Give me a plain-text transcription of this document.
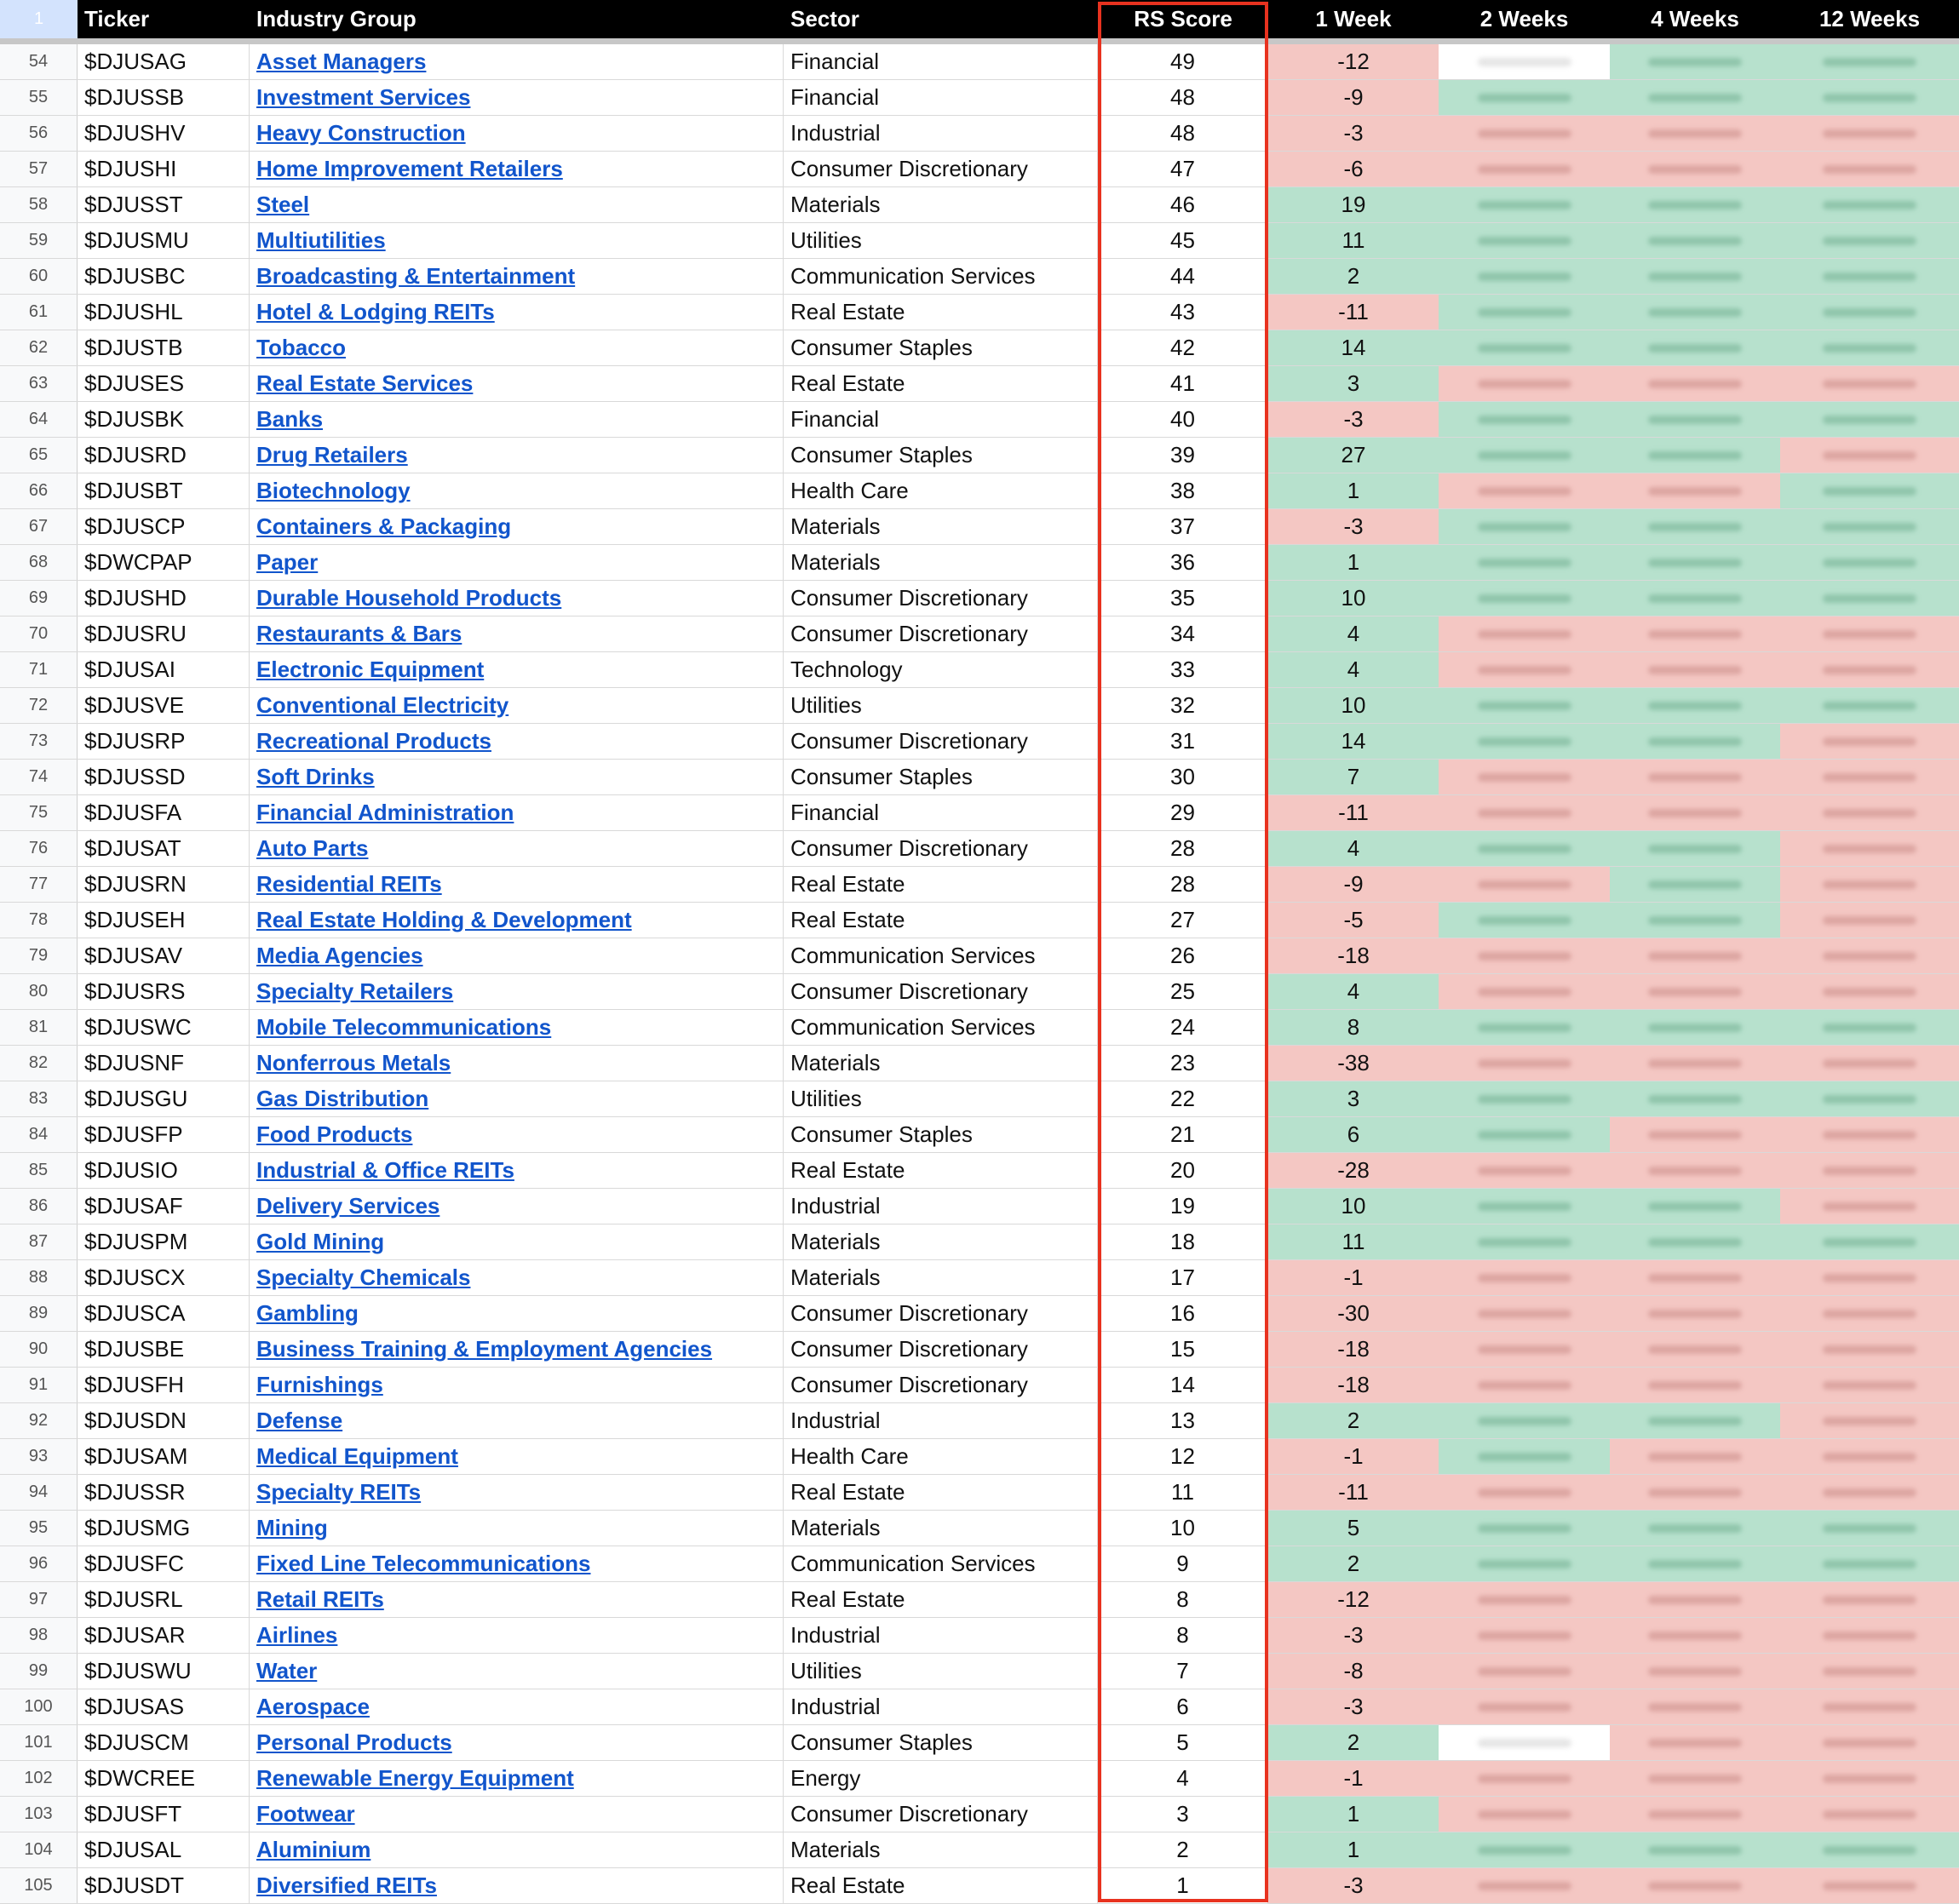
1	Ticker	Industry Group	Sector	RS Score	1 Week	2 Weeks	4 Weeks	12 Weeks
54	$DJUSAG	Asset Managers	Financial	49	-12
55	$DJUSSB	Investment Services	Financial	48	-9
56	$DJUSHV	Heavy Construction	Industrial	48	-3
57	$DJUSHI	Home Improvement Retailers	Consumer Discretionary	47	-6
58	$DJUSST	Steel	Materials	46	19
59	$DJUSMU	Multiutilities	Utilities	45	11
60	$DJUSBC	Broadcasting & Entertainment	Communication Services	44	2
61	$DJUSHL	Hotel & Lodging REITs	Real Estate	43	-11
62	$DJUSTB	Tobacco	Consumer Staples	42	14
63	$DJUSES	Real Estate Services	Real Estate	41	3
64	$DJUSBK	Banks	Financial	40	-3
65	$DJUSRD	Drug Retailers	Consumer Staples	39	27
66	$DJUSBT	Biotechnology	Health Care	38	1
67	$DJUSCP	Containers & Packaging	Materials	37	-3
68	$DWCPAP	Paper	Materials	36	1
69	$DJUSHD	Durable Household Products	Consumer Discretionary	35	10
70	$DJUSRU	Restaurants & Bars	Consumer Discretionary	34	4
71	$DJUSAI	Electronic Equipment	Technology	33	4
72	$DJUSVE	Conventional Electricity	Utilities	32	10
73	$DJUSRP	Recreational Products	Consumer Discretionary	31	14
74	$DJUSSD	Soft Drinks	Consumer Staples	30	7
75	$DJUSFA	Financial Administration	Financial	29	-11
76	$DJUSAT	Auto Parts	Consumer Discretionary	28	4
77	$DJUSRN	Residential REITs	Real Estate	28	-9
78	$DJUSEH	Real Estate Holding & Development	Real Estate	27	-5
79	$DJUSAV	Media Agencies	Communication Services	26	-18
80	$DJUSRS	Specialty Retailers	Consumer Discretionary	25	4
81	$DJUSWC	Mobile Telecommunications	Communication Services	24	8
82	$DJUSNF	Nonferrous Metals	Materials	23	-38
83	$DJUSGU	Gas Distribution	Utilities	22	3
84	$DJUSFP	Food Products	Consumer Staples	21	6
85	$DJUSIO	Industrial & Office REITs	Real Estate	20	-28
86	$DJUSAF	Delivery Services	Industrial	19	10
87	$DJUSPM	Gold Mining	Materials	18	11
88	$DJUSCX	Specialty Chemicals	Materials	17	-1
89	$DJUSCA	Gambling	Consumer Discretionary	16	-30
90	$DJUSBE	Business Training & Employment Agencies	Consumer Discretionary	15	-18
91	$DJUSFH	Furnishings	Consumer Discretionary	14	-18
92	$DJUSDN	Defense	Industrial	13	2
93	$DJUSAM	Medical Equipment	Health Care	12	-1
94	$DJUSSR	Specialty REITs	Real Estate	11	-11
95	$DJUSMG	Mining	Materials	10	5
96	$DJUSFC	Fixed Line Telecommunications	Communication Services	9	2
97	$DJUSRL	Retail REITs	Real Estate	8	-12
98	$DJUSAR	Airlines	Industrial	8	-3
99	$DJUSWU	Water	Utilities	7	-8
100	$DJUSAS	Aerospace	Industrial	6	-3
101	$DJUSCM	Personal Products	Consumer Staples	5	2
102	$DWCREE	Renewable Energy Equipment	Energy	4	-1
103	$DJUSFT	Footwear	Consumer Discretionary	3	1
104	$DJUSAL	Aluminium	Materials	2	1
105	$DJUSDT	Diversified REITs	Real Estate	1	-3
